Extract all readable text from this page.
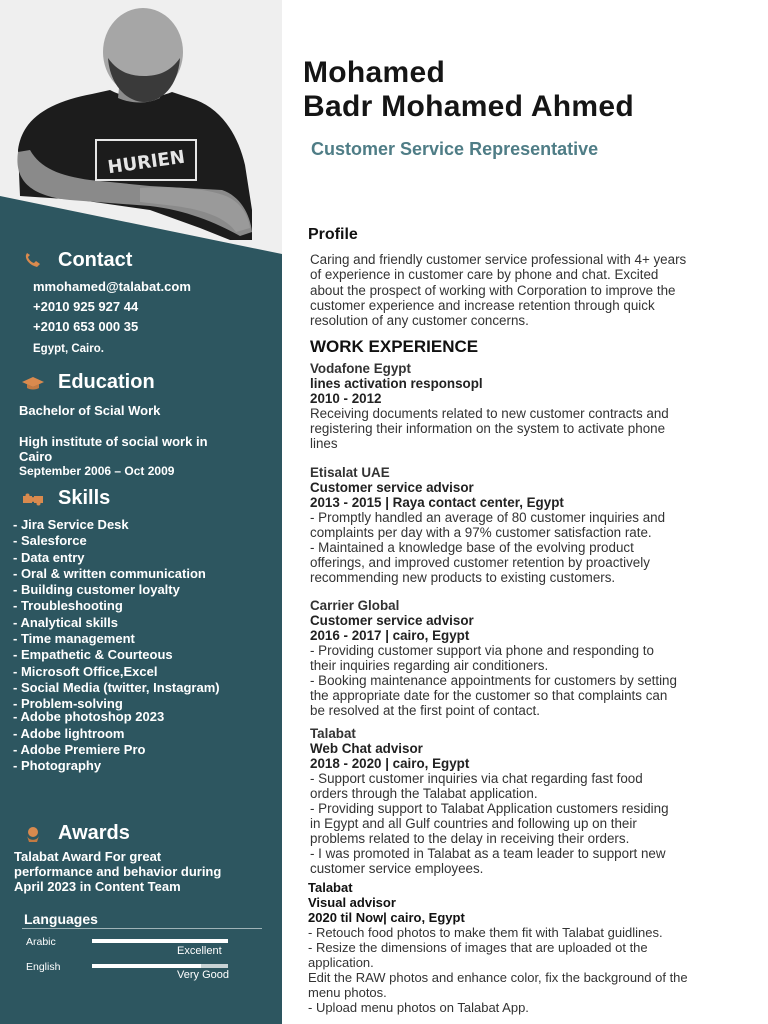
HURIEN
Contact
mmohamed@talabat.com
+2010 925 927 44
+2010 653 000 35
Egypt, Cairo.
Education
Bachelor of Scial Work
High institute of social work in
Cairo
September 2006 – Oct 2009
Skills
- Jira Service Desk
- Salesforce
- Data entry
- Oral & written communication
- Building customer loyalty
- Troubleshooting
- Analytical skills
- Time management
- Empathetic & Courteous
- Microsoft Office,Excel
- Social Media (twitter, Instagram)
- Problem-solving
- Adobe photoshop 2023
- Adobe lightroom
- Adobe Premiere Pro
- Photography
Awards
Talabat Award For great
performance and behavior during
April 2023 in Content Team
Languages
Arabic
Excellent
English
Very Good
Mohamed
Badr Mohamed Ahmed
Customer Service Representative
Profile
Caring and friendly customer service professional with 4+ years
of experience in customer care by phone and chat. Excited
about the prospect of working with Corporation to improve the
customer experience and increase retention through quick
resolution of any customer concerns.
WORK EXPERIENCE
Vodafone Egypt
lines activation responsopl
2010 - 2012
Receiving documents related to new customer contracts and
registering their information on the system to activate phone
lines
Etisalat UAE
Customer service advisor
2013 - 2015 | Raya contact center, Egypt
- Promptly handled an average of 80 customer inquiries and
complaints per day with a 97% customer satisfaction rate.
- Maintained a knowledge base of the evolving product
offerings, and improved customer retention by proactively
recommending new products to existing customers.
Carrier Global
Customer service advisor
2016 - 2017 | cairo, Egypt
- Providing customer support via phone and responding to
their inquiries regarding air conditioners.
- Booking maintenance appointments for customers by setting
the appropriate date for the customer so that complaints can
be resolved at the first point of contact.
Talabat
Web Chat advisor
2018 - 2020 | cairo, Egypt
- Support customer inquiries via chat regarding fast food
orders through the Talabat application.
- Providing support to Talabat Application customers residing
in Egypt and all Gulf countries and following up on their
problems related to the delay in receiving their orders.
- I was promoted in Talabat as a team leader to support new
customer service employees.
Talabat
Visual advisor
2020 til Now| cairo, Egypt
- Retouch food photos to make them fit with Talabat guidlines.
- Resize the dimensions of images that are uploaded ot the
application.
Edit the RAW photos and enhance color, fix the background of the
menu photos.
- Upload menu photos on Talabat App.
